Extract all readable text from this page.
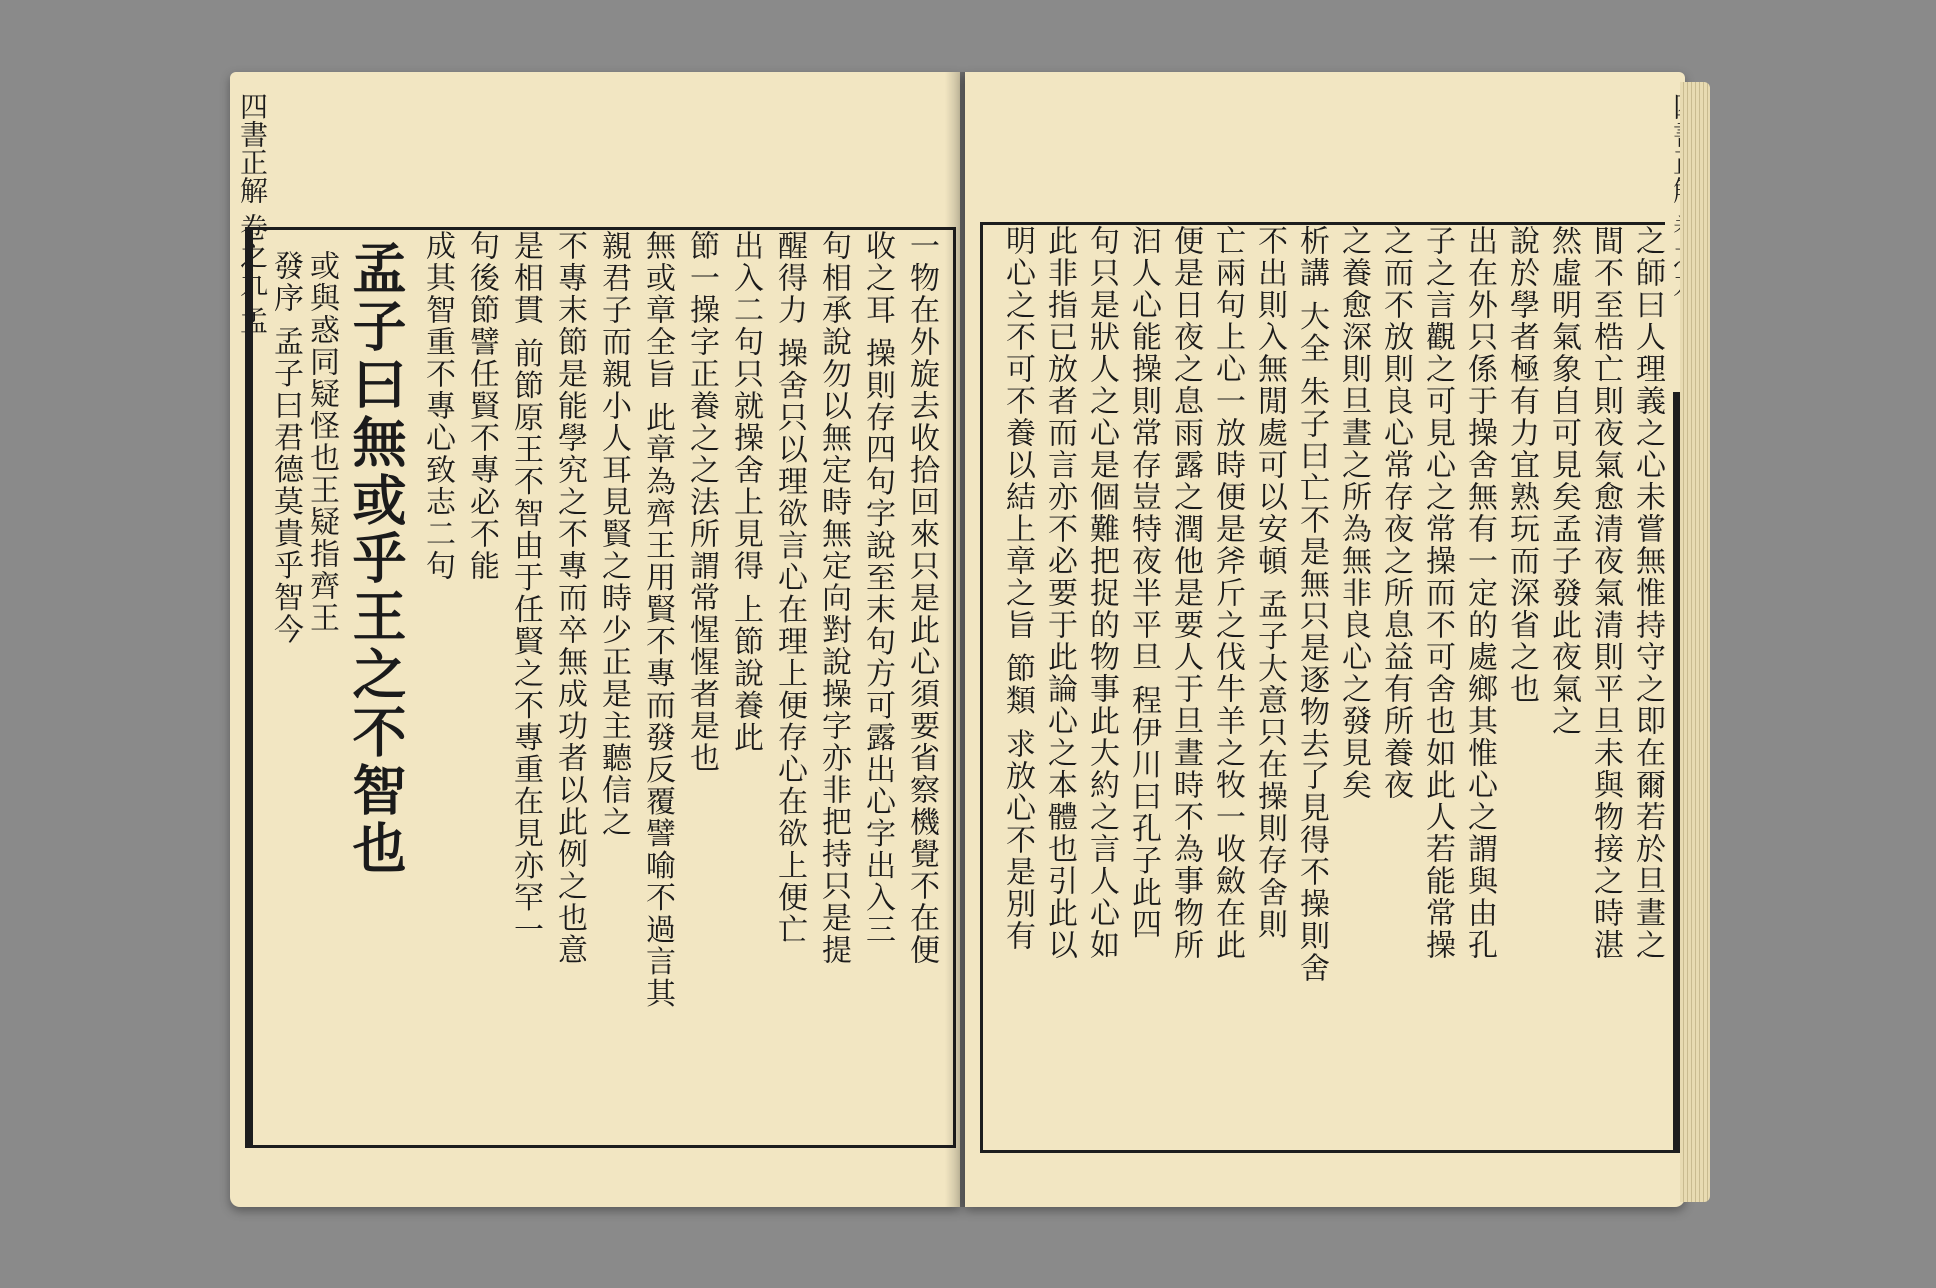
四書正解 卷之九 孟
一物在外旋去收拾回來只是此心須要省察機覺不在便
收之耳 操則存四句字說至末句方可露出心字出入三
句相承說勿以無定時無定向對說操字亦非把持只是提
醒得力 操舍只以理欲言心在理上便存心在欲上便亡
出入二句只就操舍上見得 上節說養此
節一操字正養之之法所謂常惺惺者是也
無或章全旨 此章為齊王用賢不專而發反覆譬喻不過言其
親君子而親小人耳見賢之時少正是主聽信之
不專末節是能學究之不專而卒無成功者以此例之也意
是相貫 前節原王不智由于任賢之不專重在見亦罕一
句後節譬任賢不專必不能
成其智重不專心致志二句
孟子曰無或乎王之不智也
或與惑同疑怪也王疑指齊王
發序 孟子曰君德莫貴乎智今	之師曰人理義之心未嘗無惟持守之即在爾若於旦晝之
間不至梏亡則夜氣愈清夜氣清則平旦未與物接之時湛
然虛明氣象自可見矣孟子發此夜氣之
說於學者極有力宜熟玩而深省之也
出在外只係于操舍無有一定的處鄉其惟心之謂與由孔
子之言觀之可見心之常操而不可舍也如此人若能常操
之而不放則良心常存夜之所息益有所養夜
之養愈深則旦晝之所為無非良心之發見矣
析講 大全 朱子曰亡不是無只是逐物去了見得不操則舍
不出則入無閒處可以安頓 孟子大意只在操則存舍則
亡兩句上心一放時便是斧斤之伐牛羊之牧一收斂在此
便是日夜之息雨露之潤他是要人于旦晝時不為事物所
汩人心能操則常存豈特夜半平旦 程伊川曰孔子此四
句只是狀人之心是個難把捉的物事此大約之言人心如
此非指已放者而言亦不必要于此論心之本體也引此以
明心之不可不養以結上章之旨 節類 求放心不是別有
